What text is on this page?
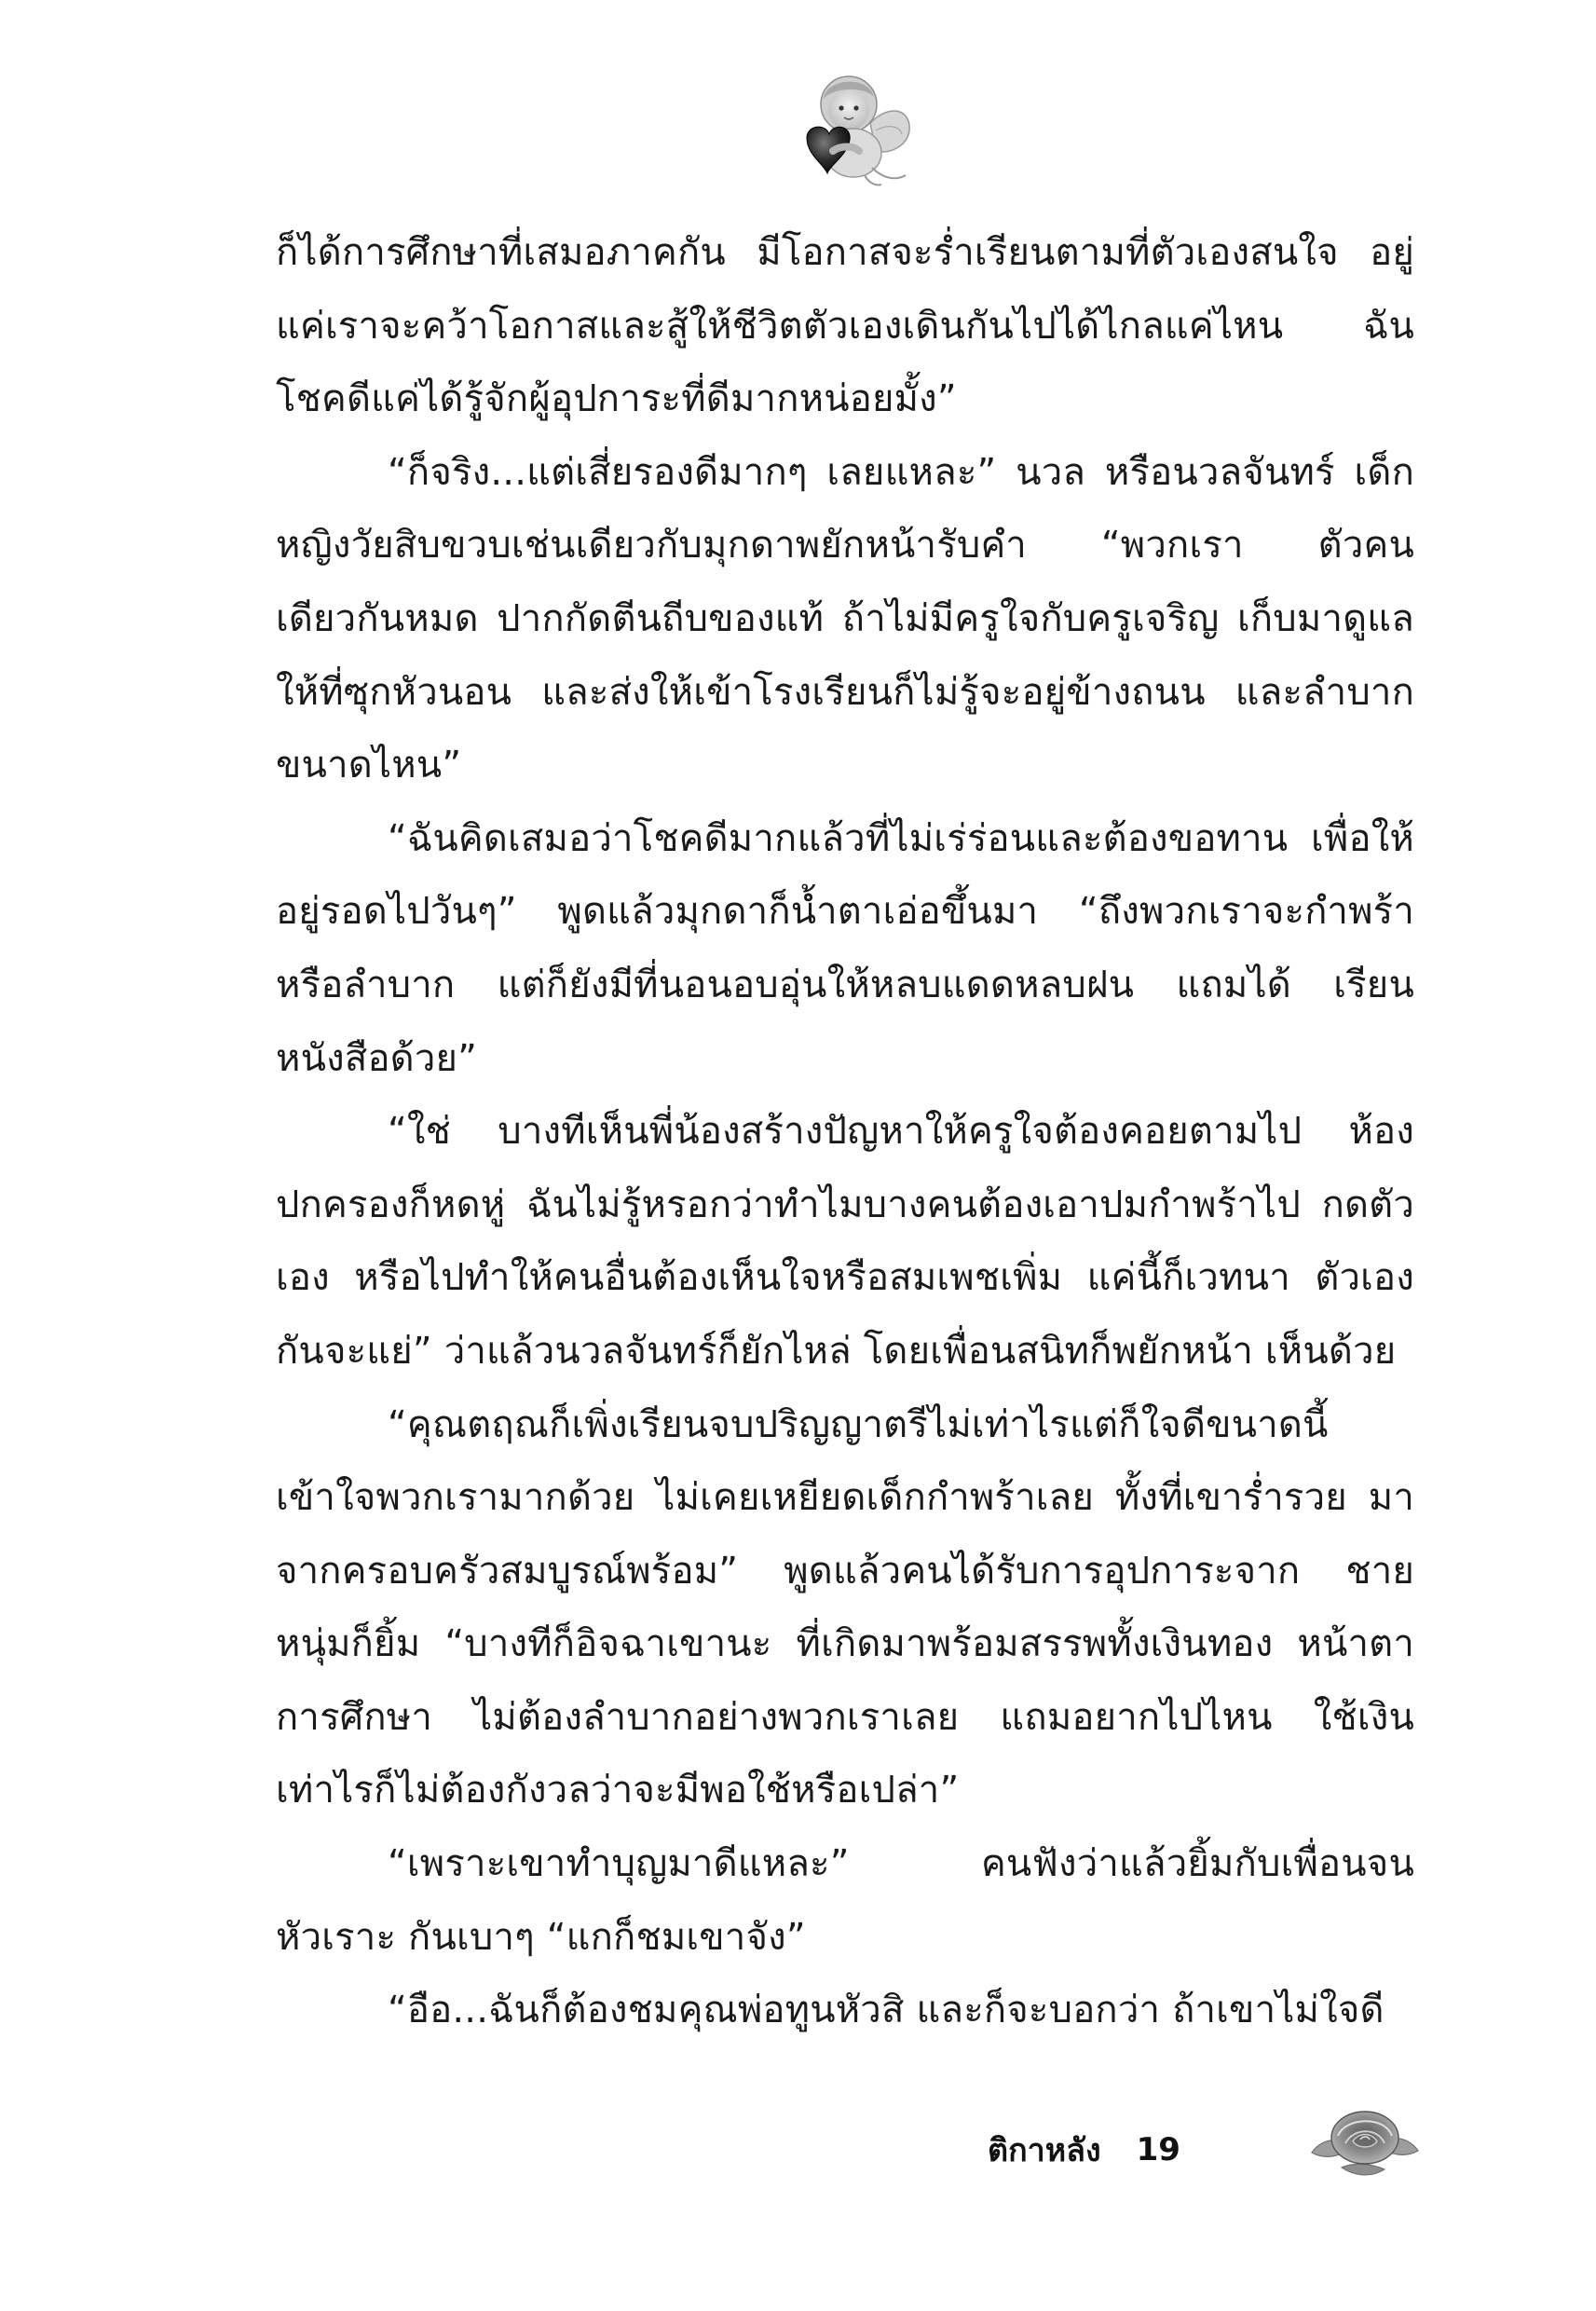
ก็ได้การศึกษาที่เสมอภาคกัน มีโอกาสจะร่ำเรียนตามที่ตัวเองสนใจ อยู่แค่เราจะคว้าโอกาสและสู้ให้ชีวิตตัวเองเดินกันไปได้ไกลแค่ไหน ฉันโชคดีแค่ได้รู้จักผู้อุปการะที่ดีมากหน่อยมั้ง”

“ก็จริง...แต่เสี่ยรองดีมากๆ เลยแหละ” นวล หรือนวลจันทร์ เด็กหญิงวัยสิบขวบเช่นเดียวกับมุกดาพยักหน้ารับคำ “พวกเรา ตัวคนเดียวกันหมด ปากกัดตีนถีบของแท้ ถ้าไม่มีครูใจกับครูเจริญ เก็บมาดูแลให้ที่ซุกหัวนอน และส่งให้เข้าโรงเรียนก็ไม่รู้จะอยู่ข้างถนน และลำบากขนาดไหน”

“ฉันคิดเสมอว่าโชคดีมากแล้วที่ไม่เร่ร่อนและต้องขอทาน เพื่อให้ อยู่รอดไปวันๆ” พูดแล้วมุกดาก็น้ำตาเอ่อขึ้นมา “ถึงพวกเราจะกำพร้า หรือลำบาก แต่ก็ยังมีที่นอนอบอุ่นให้หลบแดดหลบฝน แถมได้ เรียนหนังสือด้วย”

“ใช่ บางทีเห็นพี่น้องสร้างปัญหาให้ครูใจต้องคอยตามไป ห้องปกครองก็หดหู่ ฉันไม่รู้หรอกว่าทำไมบางคนต้องเอาปมกำพร้าไป กดตัวเอง หรือไปทำให้คนอื่นต้องเห็นใจหรือสมเพชเพิ่ม แค่นี้ก็เวทนา ตัวเองกันจะแย่” ว่าแล้วนวลจันทร์ก็ยักไหล่ โดยเพื่อนสนิทก็พยักหน้า เห็นด้วย

“คุณตฤณก็เพิ่งเรียนจบปริญญาตรีไม่เท่าไรแต่ก็ใจดีขนาดนี้ เข้าใจพวกเรามากด้วย ไม่เคยเหยียดเด็กกำพร้าเลย ทั้งที่เขาร่ำรวย มาจากครอบครัวสมบูรณ์พร้อม” พูดแล้วคนได้รับการอุปการะจาก ชายหนุ่มก็ยิ้ม “บางทีก็อิจฉาเขานะ ที่เกิดมาพร้อมสรรพทั้งเงินทอง หน้าตา การศึกษา ไม่ต้องลำบากอย่างพวกเราเลย แถมอยากไปไหน ใช้เงินเท่าไรก็ไม่ต้องกังวลว่าจะมีพอใช้หรือเปล่า”

“เพราะเขาทำบุญมาดีแหละ” คนฟังว่าแล้วยิ้มกับเพื่อนจนหัวเราะ กันเบาๆ “แกก็ชมเขาจัง”

“อือ...ฉันก็ต้องชมคุณพ่อทูนหัวสิ และก็จะบอกว่า ถ้าเขาไม่ใจดี

ติกาหลัง 19
